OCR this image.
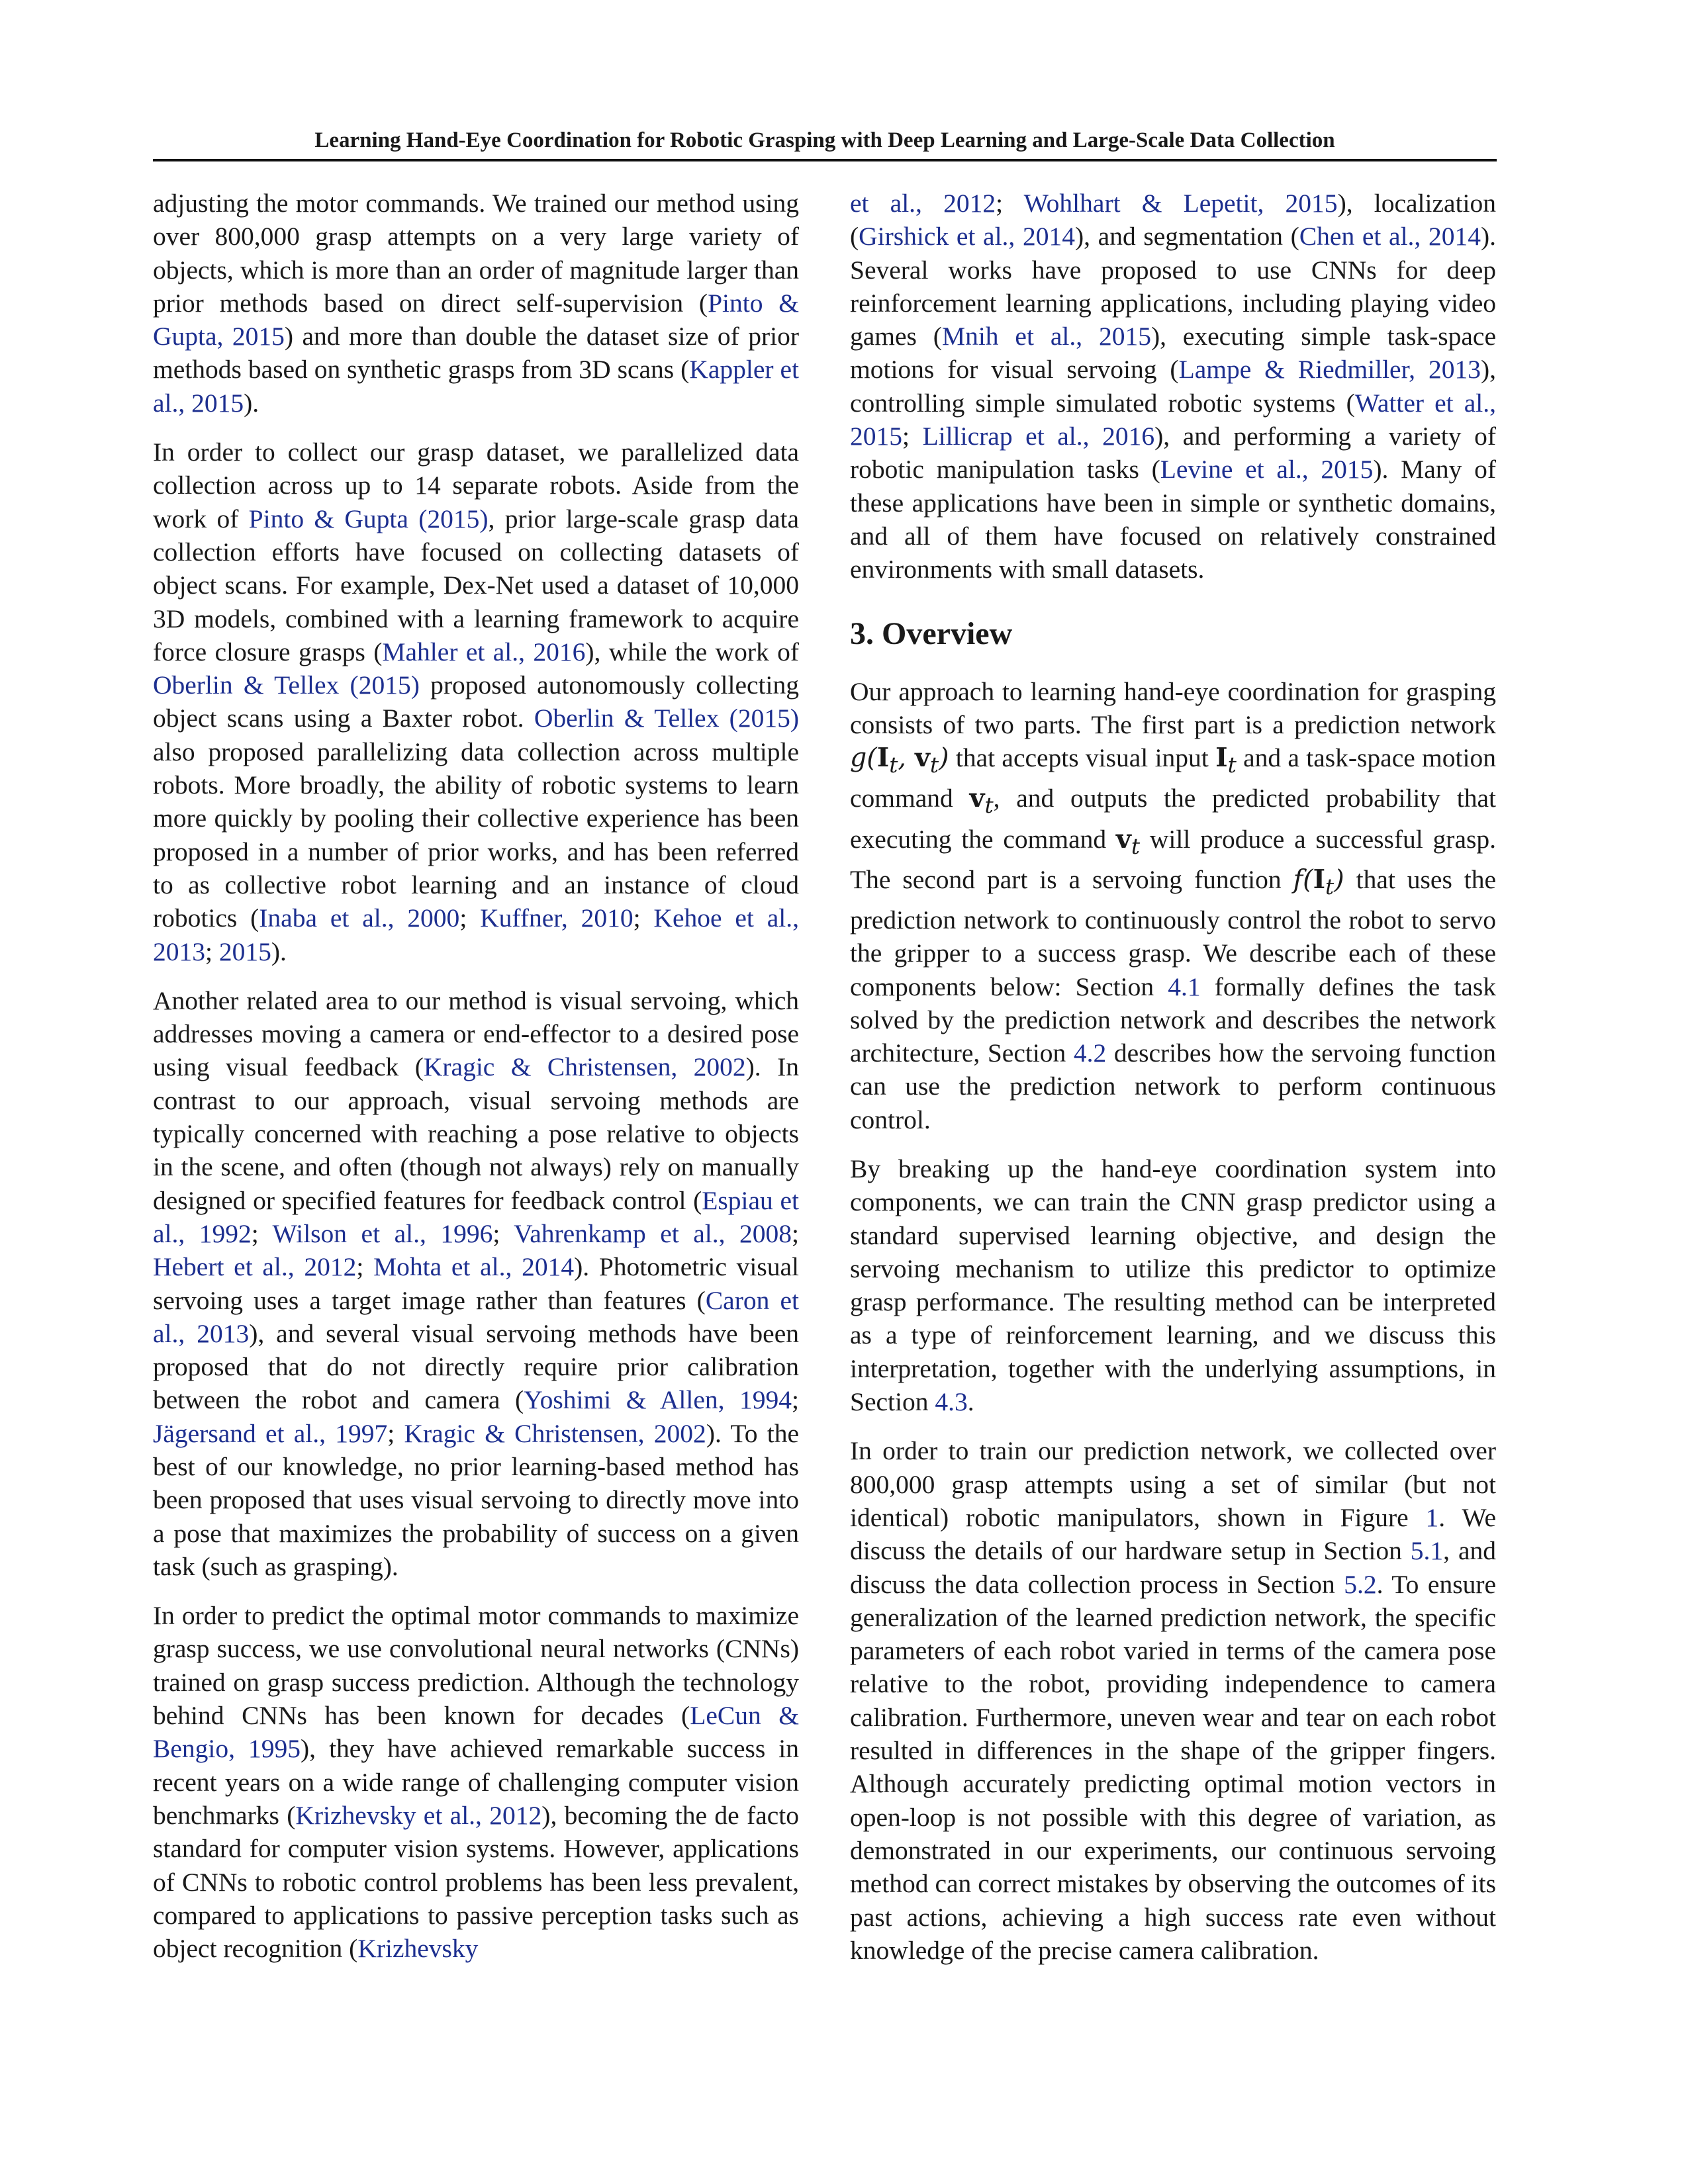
Learning Hand-Eye Coordination for Robotic Grasping with Deep Learning and Large-Scale Data Collection

adjusting the motor commands. We trained our method using over 800,000 grasp attempts on a very large variety of objects, which is more than an order of magnitude larger than prior methods based on direct self-supervision (Pinto & Gupta, 2015) and more than double the dataset size of prior methods based on synthetic grasps from 3D scans (Kappler et al., 2015).

In order to collect our grasp dataset, we parallelized data collection across up to 14 separate robots. Aside from the work of Pinto & Gupta (2015), prior large-scale grasp data collection efforts have focused on collecting datasets of object scans. For example, Dex-Net used a dataset of 10,000 3D models, combined with a learning framework to acquire force closure grasps (Mahler et al., 2016), while the work of Oberlin & Tellex (2015) proposed autonomously collecting object scans using a Baxter robot. Oberlin & Tellex (2015) also proposed parallelizing data collection across multiple robots. More broadly, the ability of robotic systems to learn more quickly by pooling their collective experience has been proposed in a number of prior works, and has been referred to as collective robot learning and an instance of cloud robotics (Inaba et al., 2000; Kuffner, 2010; Kehoe et al., 2013; 2015).

Another related area to our method is visual servoing, which addresses moving a camera or end-effector to a desired pose using visual feedback (Kragic & Christensen, 2002). In contrast to our approach, visual servoing methods are typically concerned with reaching a pose relative to objects in the scene, and often (though not always) rely on manually designed or specified features for feedback control (Espiau et al., 1992; Wilson et al., 1996; Vahrenkamp et al., 2008; Hebert et al., 2012; Mohta et al., 2014). Photometric visual servoing uses a target image rather than features (Caron et al., 2013), and several visual servoing methods have been proposed that do not directly require prior calibration between the robot and camera (Yoshimi & Allen, 1994; Jägersand et al., 1997; Kragic & Christensen, 2002). To the best of our knowledge, no prior learning-based method has been proposed that uses visual servoing to directly move into a pose that maximizes the probability of success on a given task (such as grasping).

In order to predict the optimal motor commands to maximize grasp success, we use convolutional neural networks (CNNs) trained on grasp success prediction. Although the technology behind CNNs has been known for decades (LeCun & Bengio, 1995), they have achieved remarkable success in recent years on a wide range of challenging computer vision benchmarks (Krizhevsky et al., 2012), becoming the de facto standard for computer vision systems. However, applications of CNNs to robotic control problems has been less prevalent, compared to applications to passive perception tasks such as object recognition (Krizhevsky

et al., 2012; Wohlhart & Lepetit, 2015), localization (Girshick et al., 2014), and segmentation (Chen et al., 2014). Several works have proposed to use CNNs for deep reinforcement learning applications, including playing video games (Mnih et al., 2015), executing simple task-space motions for visual servoing (Lampe & Riedmiller, 2013), controlling simple simulated robotic systems (Watter et al., 2015; Lillicrap et al., 2016), and performing a variety of robotic manipulation tasks (Levine et al., 2015). Many of these applications have been in simple or synthetic domains, and all of them have focused on relatively constrained environments with small datasets.

3. Overview

Our approach to learning hand-eye coordination for grasping consists of two parts. The first part is a prediction network $g(I_t$, $v_t$) that accepts visual input $I_t$ and a task-space motion command $v_t$, and outputs the predicted probability that executing the command $v_t$ will produce a successful grasp. The second part is a servoing function $f(I_t)$ that uses the prediction network to continuously control the robot to servo the gripper to a success grasp. We describe each of these components below: Section 4.1 formally defines the task solved by the prediction network and describes the network architecture, Section 4.2 describes how the servoing function can use the prediction network to perform continuous control.

By breaking up the hand-eye coordination system into components, we can train the CNN grasp predictor using a standard supervised learning objective, and design the servoing mechanism to utilize this predictor to optimize grasp performance. The resulting method can be interpreted as a type of reinforcement learning, and we discuss this interpretation, together with the underlying assumptions, in Section 4.3.

In order to train our prediction network, we collected over 800,000 grasp attempts using a set of similar (but not identical) robotic manipulators, shown in Figure 1. We discuss the details of our hardware setup in Section 5.1, and discuss the data collection process in Section 5.2. To ensure generalization of the learned prediction network, the specific parameters of each robot varied in terms of the camera pose relative to the robot, providing independence to camera calibration. Furthermore, uneven wear and tear on each robot resulted in differences in the shape of the gripper fingers. Although accurately predicting optimal motion vectors in open-loop is not possible with this degree of variation, as demonstrated in our experiments, our continuous servoing method can correct mistakes by observing the outcomes of its past actions, achieving a high success rate even without knowledge of the precise camera calibration.
